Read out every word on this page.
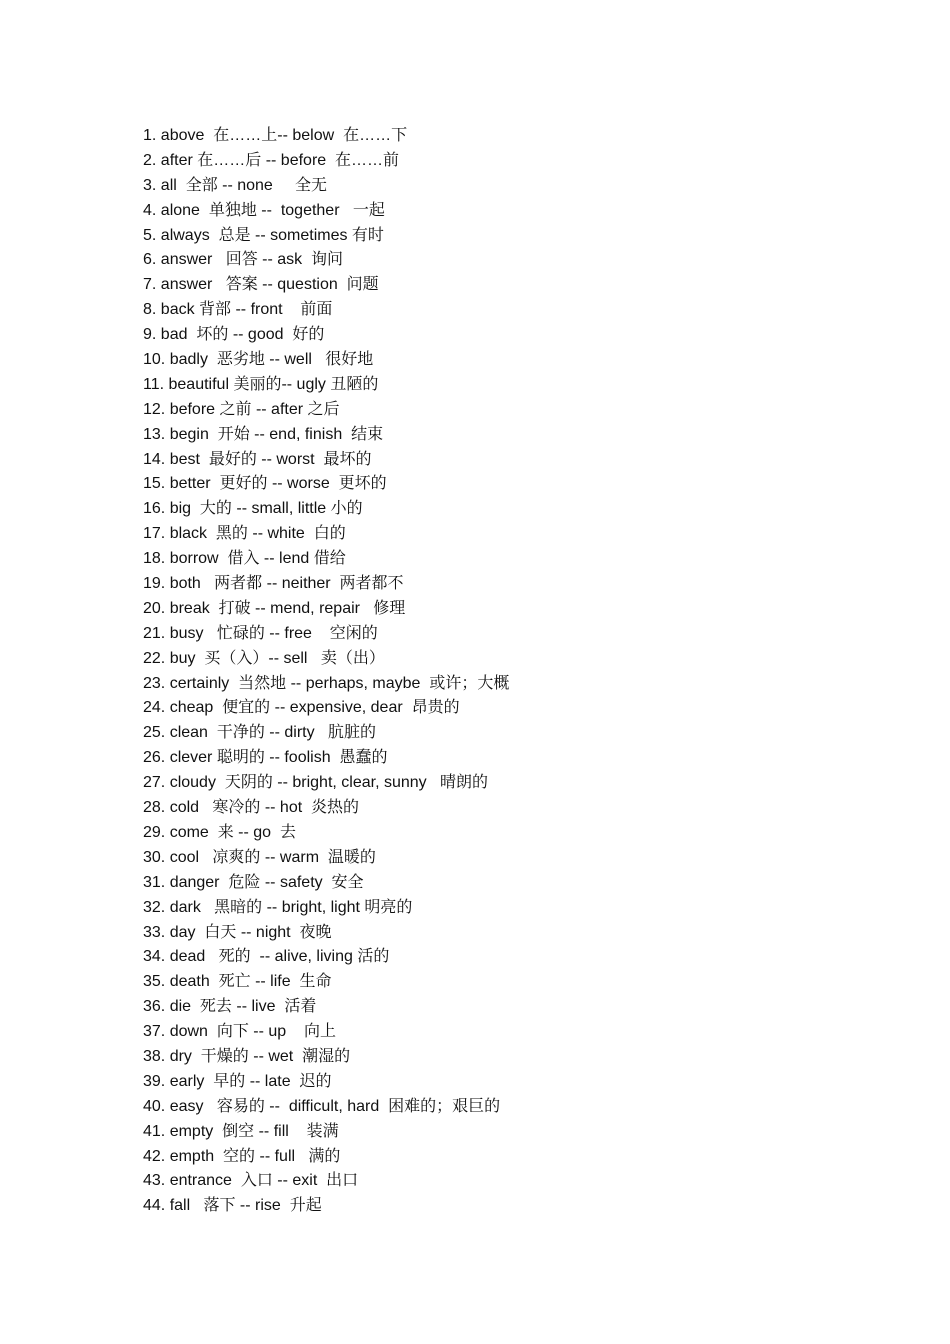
1. above  在……上-- below  在……下
2. after 在……后 -- before  在……前
3. all  全部 -- none     全无
4. alone  单独地 --  together   一起
5. always  总是 -- sometimes 有时
6. answer   回答 -- ask  询问
7. answer   答案 -- question  问题
8. back 背部 -- front    前面
9. bad  坏的 -- good  好的
10. badly  恶劣地 -- well   很好地
11. beautiful 美丽的-- ugly 丑陋的
12. before 之前 -- after 之后
13. begin  开始 -- end, finish  结束
14. best  最好的 -- worst  最坏的
15. better  更好的 -- worse  更坏的
16. big  大的 -- small, little 小的
17. black  黑的 -- white  白的
18. borrow  借入 -- lend 借给
19. both   两者都 -- neither  两者都不
20. break  打破 -- mend, repair   修理
21. busy   忙碌的 -- free    空闲的
22. buy  买（入）-- sell   卖（出）
23. certainly  当然地 -- perhaps, maybe  或许；大概
24. cheap  便宜的 -- expensive, dear  昂贵的
25. clean  干净的 -- dirty   肮脏的
26. clever 聪明的 -- foolish  愚蠢的
27. cloudy  天阴的 -- bright, clear, sunny   晴朗的
28. cold   寒冷的 -- hot  炎热的
29. come  来 -- go  去
30. cool   凉爽的 -- warm  温暖的
31. danger  危险 -- safety  安全
32. dark   黑暗的 -- bright, light 明亮的
33. day  白天 -- night  夜晚
34. dead   死的  -- alive, living 活的
35. death  死亡 -- life  生命
36. die  死去 -- live  活着
37. down  向下 -- up    向上
38. dry  干燥的 -- wet  潮湿的
39. early  早的 -- late  迟的
40. easy   容易的 --  difficult, hard  困难的；艰巨的
41. empty  倒空 -- fill    装满
42. empth  空的 -- full   满的
43. entrance  入口 -- exit  出口
44. fall   落下 -- rise  升起
